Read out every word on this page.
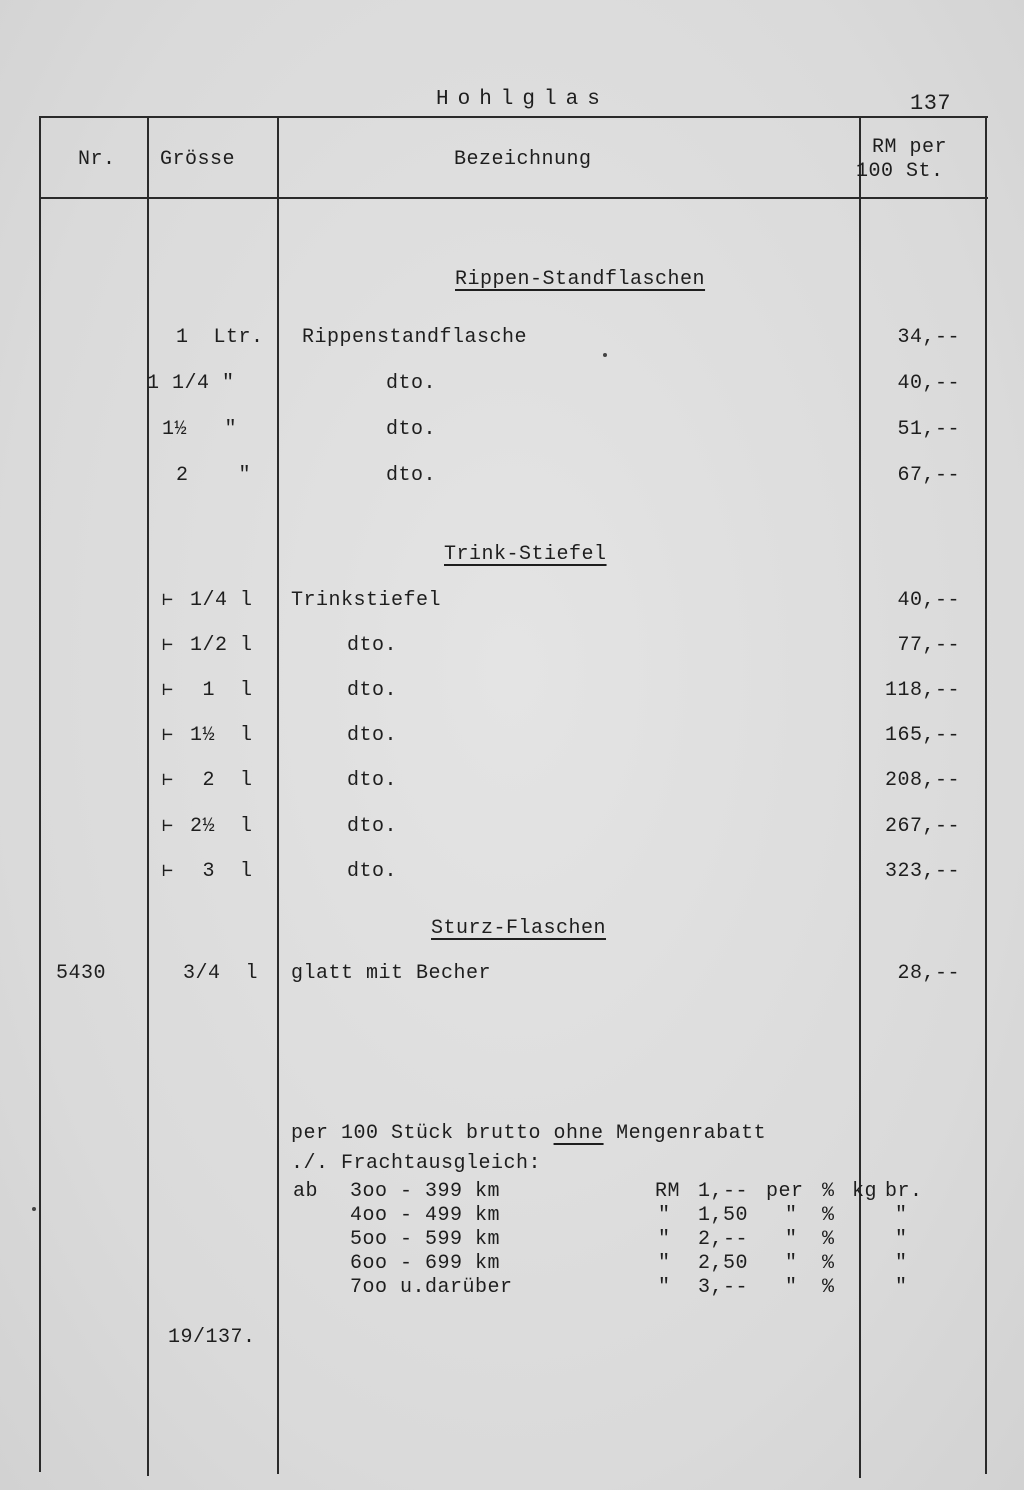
Hohlglas	137
Nr. Grösse	Bezeichnung
RM per
100 St.
Rippen-Standflaschen
1  Ltr. Rippenstandflasche	34,--
1 1/4 "	dto.	40,--
1½   "	dto.	51,--
2    "	dto.	67,--
Trink-Stiefel
⊢ 1/4 l Trinkstiefel	40,--
⊢ 1/2 l	dto.	77,--
⊢ 1  l	dto.	118,--
⊢ 1½  l	dto.	165,--
⊢ 2  l	dto.	208,--
⊢ 2½  l	dto.	267,--
⊢ 3  l	dto.	323,--
Sturz-Flaschen
5430	3/4  l glatt mit Becher	28,--
per 100 Stück brutto ohne Mengenrabatt
./. Frachtausgleich:
ab 3oo - 399 km	RM 1,-- per % kg br.
4oo - 499 km	" 1,50 " %	"
5oo - 599 km	" 2,-- " %	"
6oo - 699 km	" 2,50 " %	"
7oo u.darüber	" 3,-- " %	"
19/137.
